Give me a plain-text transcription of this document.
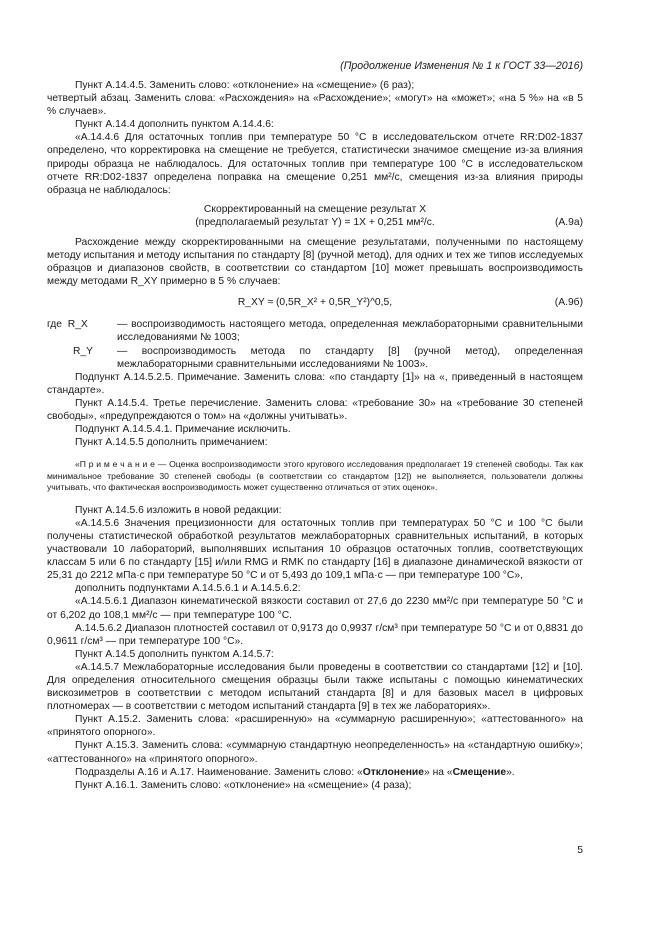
(Продолжение Изменения № 1 к ГОСТ 33—2016)

Пункт А.14.4.5. Заменить слово: «отклонение» на «смещение» (6 раз);

четвертый абзац. Заменить слова: «Расхождения» на «Расхождение»; «могут» на «может»; «на 5 %» на «в 5 % случаев».

Пункт А.14.4 дополнить пунктом А.14.4.6:

«А.14.4.6 Для остаточных топлив при температуре 50 °C в исследовательском отчете RR:D02-1837 определено, что корректировка на смещение не требуется, статистически значимое смещение из-за влияния природы образца не наблюдалось. Для остаточных топлив при температуре 100 °C в исследовательском отчете RR:D02-1837 определена поправка на смещение 0,251 мм²/с, смещения из-за влияния природы образца не наблюдалось:

Скорректированный на смещение результат X

(предполагаемый результат Y) = 1X + 0,251 мм²/с.	(А.9а)

Расхождение между скорректированными на смещение результатами, полученными по настоящему методу испытания и методу испытания по стандарту [8] (ручной метод), для одних и тех же типов исследуемых образцов и диапазонов свойств, в соответствии со стандартом [10] может превышать воспроизводимость между методами R_XY примерно в 5 % случаев:

R_XY ≈ (0,5R_X² + 0,5R_Y²)^0,5,	(А.9б)
где R_X	— воспроизводимость настоящего метода, определенная межлабораторными сравнительными исследованиями № 1003;
R_Y	— воспроизводимость метода по стандарту [8] (ручной метод), определенная межлабораторными сравнительными исследованиями № 1003».

Подпункт А.14.5.2.5. Примечание. Заменить слова: «по стандарту [1]» на «, приведенный в настоящем стандарте».

Пункт А.14.5.4. Третье перечисление. Заменить слова: «требование 30» на «требование 30 степеней свободы», «предупреждаются о том» на «должны учитывать».

Подпункт А.14.5.4.1. Примечание исключить.

Пункт А.14.5.5 дополнить примечанием:

«П р и м е ч а н и е — Оценка воспроизводимости этого кругового исследования предполагает 19 степеней свободы. Так как минимальное требование 30 степеней свободы (в соответствии со стандартом [12]) не выполняется, пользователи должны учитывать, что фактическая воспроизводимость может существенно отличаться от этих оценок».

Пункт А.14.5.6 изложить в новой редакции:

«А.14.5.6 Значения прецизионности для остаточных топлив при температурах 50 °C и 100 °C были получены статистической обработкой результатов межлабораторных сравнительных испытаний, в которых участвовали 10 лабораторий, выполнявших испытания 10 образцов остаточных топлив, соответствующих классам 5 или 6 по стандарту [15] и/или RMG и RMK по стандарту [16] в диапазоне динамической вязкости от 25,31 до 2212 мПа·с при температуре 50 °C и от 5,493 до 109,1 мПа·с — при температуре 100 °C»,

дополнить подпунктами А.14.5.6.1 и А.14.5.6.2:

«А.14.5.6.1 Диапазон кинематической вязкости составил от 27,6 до 2230 мм²/с при температуре 50 °C и от 6,202 до 108,1 мм²/с — при температуре 100 °C.

А.14.5.6.2 Диапазон плотностей составил от 0,9173 до 0,9937 г/см³ при температуре 50 °C и от 0,8831 до 0,9611 г/см³ — при температуре 100 °C».

Пункт А.14.5 дополнить пунктом А.14.5.7:

«А.14.5.7 Межлабораторные исследования были проведены в соответствии со стандартами [12] и [10]. Для определения относительного смещения образцы были также испытаны с помощью кинематических вискозиметров в соответствии с методом испытаний стандарта [8] и для базовых масел в цифровых плотномерах — в соответствии с методом испытаний стандарта [9] в тех же лабораториях».

Пункт А.15.2. Заменить слова: «расширенную» на «суммарную расширенную»; «аттестованного» на «принятого опорного».

Пункт А.15.3. Заменить слова: «суммарную стандартную неопределенность» на «стандартную ошибку»; «аттестованного» на «принятого опорного».

Подразделы А.16 и А.17. Наименование. Заменить слово: «Отклонение» на «Смещение».

Пункт А.16.1. Заменить слово: «отклонение» на «смещение» (4 раза);

5
